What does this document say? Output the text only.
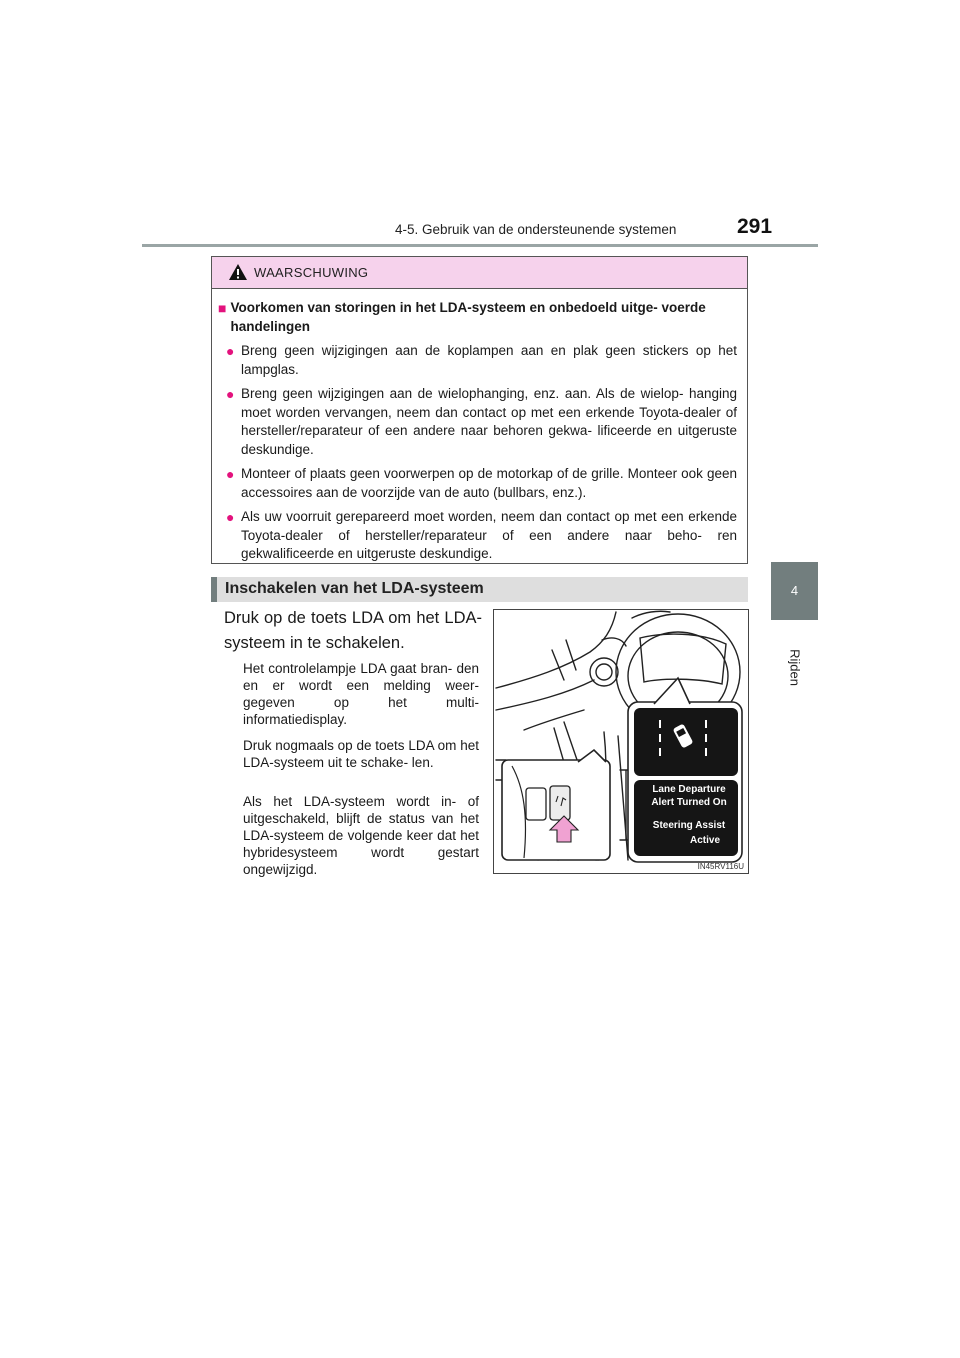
4-5. Gebruik van de ondersteunende systemen	291
4
Rijden
WAARSCHUWING
■ Voorkomen van storingen in het LDA-systeem en onbedoeld uitge- voerde handelingen
● Breng geen wijzigingen aan de koplampen aan en plak geen stickers op het lampglas.
● Breng geen wijzigingen aan de wielophanging, enz. aan. Als de wielop- hanging moet worden vervangen, neem dan contact op met een erkende Toyota-dealer of hersteller/reparateur of een andere naar behoren gekwa- lificeerde en uitgeruste deskundige.
● Monteer of plaats geen voorwerpen op de motorkap of de grille. Monteer ook geen accessoires aan de voorzijde van de auto (bullbars, enz.).
● Als uw voorruit gerepareerd moet worden, neem dan contact op met een erkende Toyota-dealer of hersteller/reparateur of een andere naar beho- ren gekwalificeerde en uitgeruste deskundige.
Inschakelen van het LDA-systeem
Druk op de toets LDA om het LDA-systeem in te schakelen.
Het controlelampje LDA gaat bran- den en er wordt een melding weer- gegeven op het multi- informatiedisplay.
Druk nogmaals op de toets LDA om het LDA-systeem uit te schake- len.
Als het LDA-systeem wordt in- of uitgeschakeld, blijft de status van het LDA-systeem de volgende keer dat het hybridesysteem wordt gestart ongewijzigd.	IN45RV116U
Lane Departure
Alert Turned On
Steering Assist
Active
